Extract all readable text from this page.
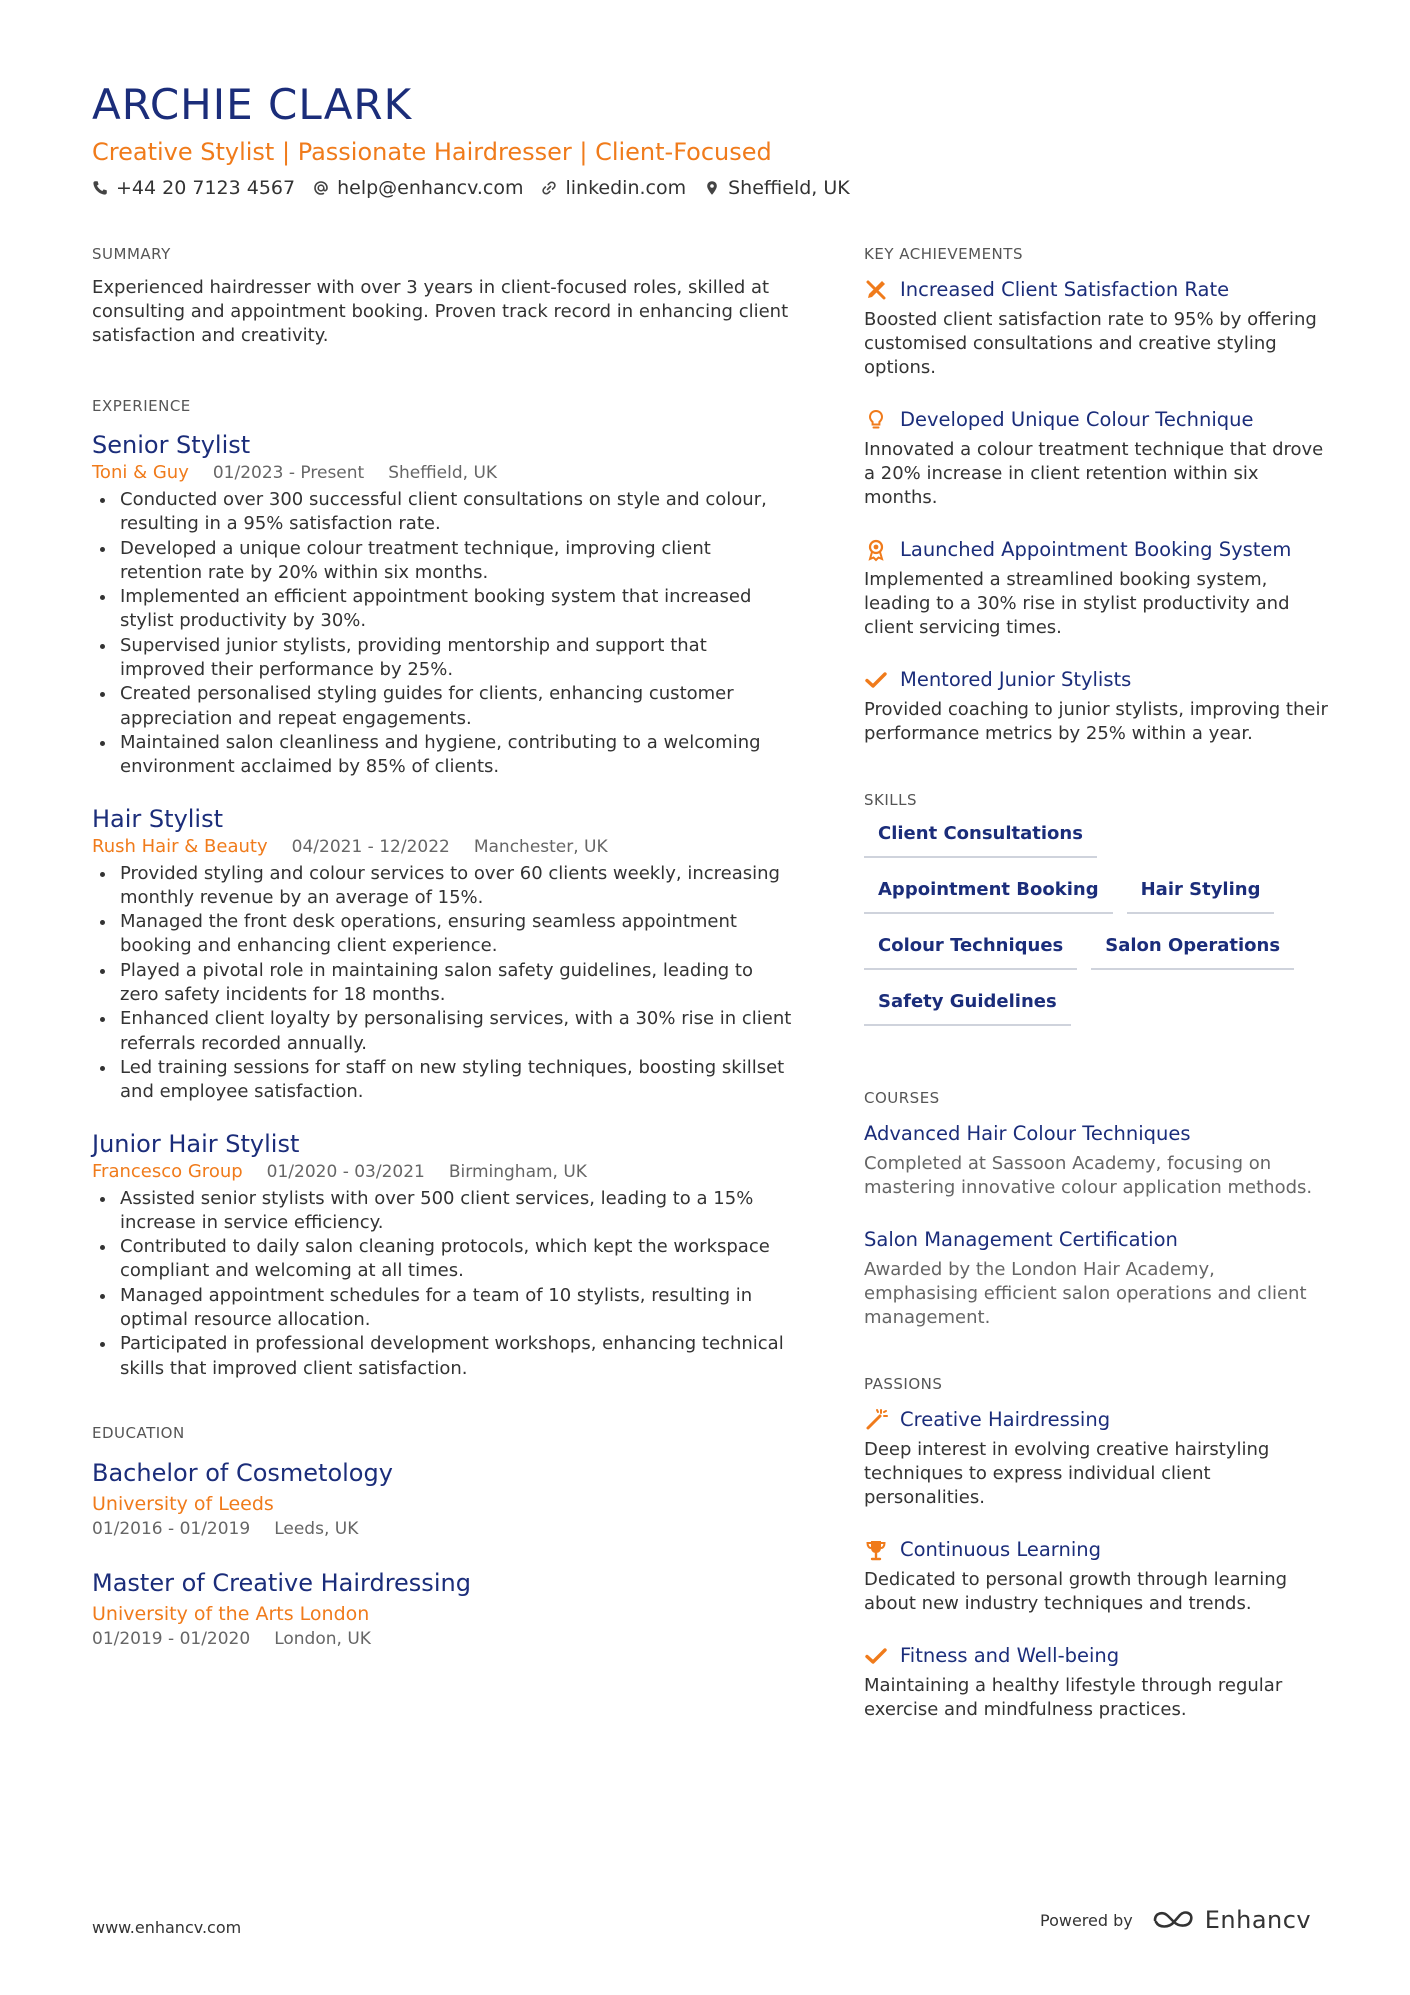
ARCHIE CLARK
Creative Stylist | Passionate Hairdresser | Client-Focused
+44 20 7123 4567 help@enhancv.com linkedin.com Sheffield, UK
SUMMARY
Experienced hairdresser with over 3 years in client-focused roles, skilled at consulting and appointment booking. Proven track record in enhancing client satisfaction and creativity.
EXPERIENCE
Senior Stylist
Toni & Guy 01/2023 - Present Sheffield, UK
Conducted over 300 successful client consultations on style and colour, resulting in a 95% satisfaction rate.
Developed a unique colour treatment technique, improving client retention rate by 20% within six months.
Implemented an efficient appointment booking system that increased stylist productivity by 30%.
Supervised junior stylists, providing mentorship and support that improved their performance by 25%.
Created personalised styling guides for clients, enhancing customer appreciation and repeat engagements.
Maintained salon cleanliness and hygiene, contributing to a welcoming environment acclaimed by 85% of clients.
Hair Stylist
Rush Hair & Beauty 04/2021 - 12/2022 Manchester, UK
Provided styling and colour services to over 60 clients weekly, increasing monthly revenue by an average of 15%.
Managed the front desk operations, ensuring seamless appointment booking and enhancing client experience.
Played a pivotal role in maintaining salon safety guidelines, leading to zero safety incidents for 18 months.
Enhanced client loyalty by personalising services, with a 30% rise in client referrals recorded annually.
Led training sessions for staff on new styling techniques, boosting skillset and employee satisfaction.
Junior Hair Stylist
Francesco Group 01/2020 - 03/2021 Birmingham, UK
Assisted senior stylists with over 500 client services, leading to a 15% increase in service efficiency.
Contributed to daily salon cleaning protocols, which kept the workspace compliant and welcoming at all times.
Managed appointment schedules for a team of 10 stylists, resulting in optimal resource allocation.
Participated in professional development workshops, enhancing technical skills that improved client satisfaction.
EDUCATION
Bachelor of Cosmetology
University of Leeds
01/2016 - 01/2019 Leeds, UK
Master of Creative Hairdressing
University of the Arts London
01/2019 - 01/2020 London, UK
KEY ACHIEVEMENTS
Increased Client Satisfaction Rate
Boosted client satisfaction rate to 95% by offering customised consultations and creative styling options.
Developed Unique Colour Technique
Innovated a colour treatment technique that drove a 20% increase in client retention within six months.
Launched Appointment Booking System
Implemented a streamlined booking system, leading to a 30% rise in stylist productivity and client servicing times.
Mentored Junior Stylists
Provided coaching to junior stylists, improving their performance metrics by 25% within a year.
SKILLS
Client Consultations
Appointment Booking	Hair Styling
Colour Techniques	Salon Operations
Safety Guidelines
COURSES
Advanced Hair Colour Techniques
Completed at Sassoon Academy, focusing on mastering innovative colour application methods.
Salon Management Certification
Awarded by the London Hair Academy, emphasising efficient salon operations and client management.
PASSIONS
Creative Hairdressing
Deep interest in evolving creative hairstyling techniques to express individual client personalities.
Continuous Learning
Dedicated to personal growth through learning about new industry techniques and trends.
Fitness and Well-being
Maintaining a healthy lifestyle through regular exercise and mindfulness practices.
www.enhancv.com	Powered by	Enhancv
